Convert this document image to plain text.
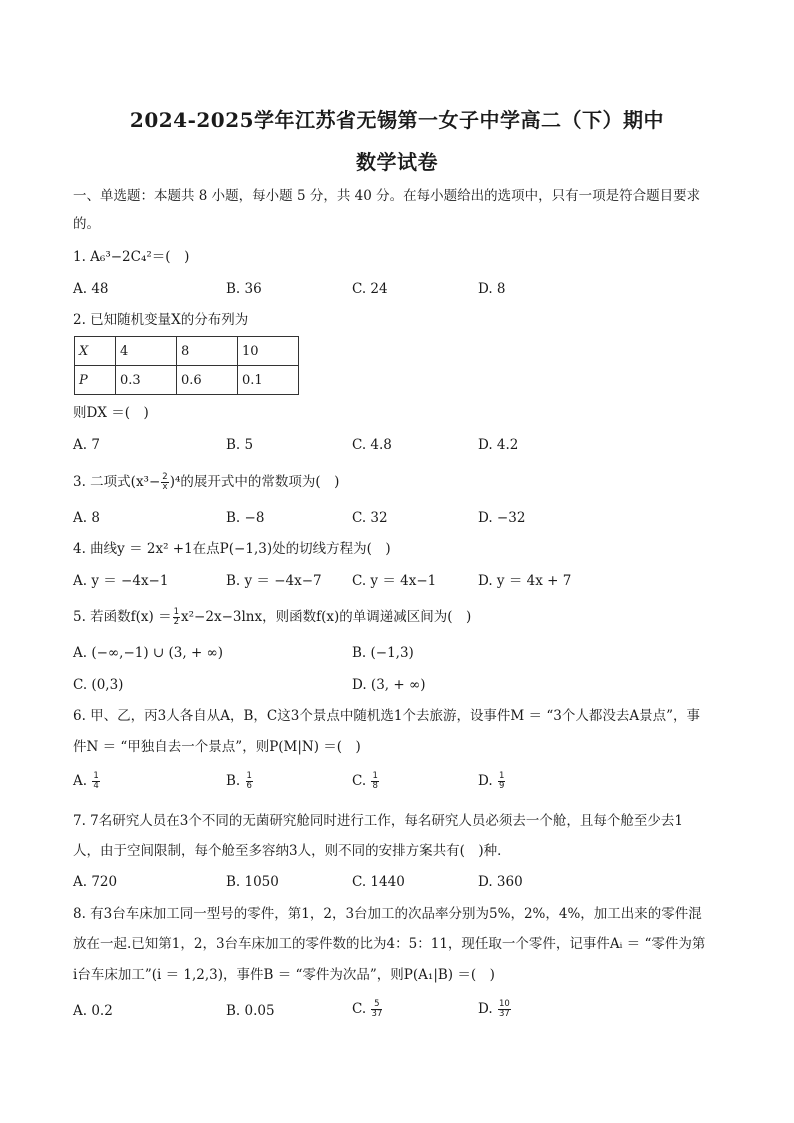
2024-2025学年江苏省无锡第一女子中学高二（下）期中
数学试卷
一、单选题：本题共 8 小题，每小题 5 分，共 40 分。在每小题给出的选项中，只有一项是符合题目要求
的。
1. A₆³−2C₄²＝(　)
A. 48	B. 36	C. 24	D. 8
2. 已知随机变量X的分布列为
X	4	8	10
P	0.3	0.6	0.1
则DX ＝(　)
A. 7	B. 5	C. 4.8	D. 4.2
3. 二项式$(x^3- \frac{2}{x} )^4$的展开式中的常数项为(　)
A. 8	B. −8	C. 32	D. −32
4. 曲线y ＝ 2x² +1在点P(−1,3)处的切线方程为(　)
A. y ＝ −4x−1	B. y ＝ −4x−7 C. y ＝ 4x−1	D. y ＝ 4x + 7
5. 若函数$f(x) = \frac{1}{2} x^2-2x-3\ln x$，则函数f(x)的单调递减区间为(　)
A. (−∞,−1) ∪ (3, + ∞)	B. (−1,3)
C. (0,3)	D. (3, + ∞)
6. 甲、乙，丙3人各自从A，B，C这3个景点中随机选1个去旅游，设事件M ＝ “3个人都没去A景点”，事
件N ＝ “甲独自去一个景点”，则P(M|N) ＝(　)
A. $\frac{1}{4}$	B. $\frac{1}{6}$	C. $\frac{1}{8}$	D. $\frac{1}{9}$
7. 7名研究人员在3个不同的无菌研究舱同时进行工作，每名研究人员必须去一个舱，且每个舱至少去1
人，由于空间限制，每个舱至多容纳3人，则不同的安排方案共有(　)种．
A. 720	B. 1050	C. 1440	D. 360
8. 有3台车床加工同一型号的零件，第1，2，3台加工的次品率分别为5%，2%，4%，加工出来的零件混
放在一起.已知第1，2，3台车床加工的零件数的比为4：5：11，现任取一个零件，记事件Aᵢ ＝ “零件为第
i台车床加工”(i ＝ 1,2,3)，事件B ＝ “零件为次品”，则P(A₁|B) ＝(　)
A. 0.2	B. 0.05	C. $\frac{5}{37}$	D. $\frac{10}{37}$
